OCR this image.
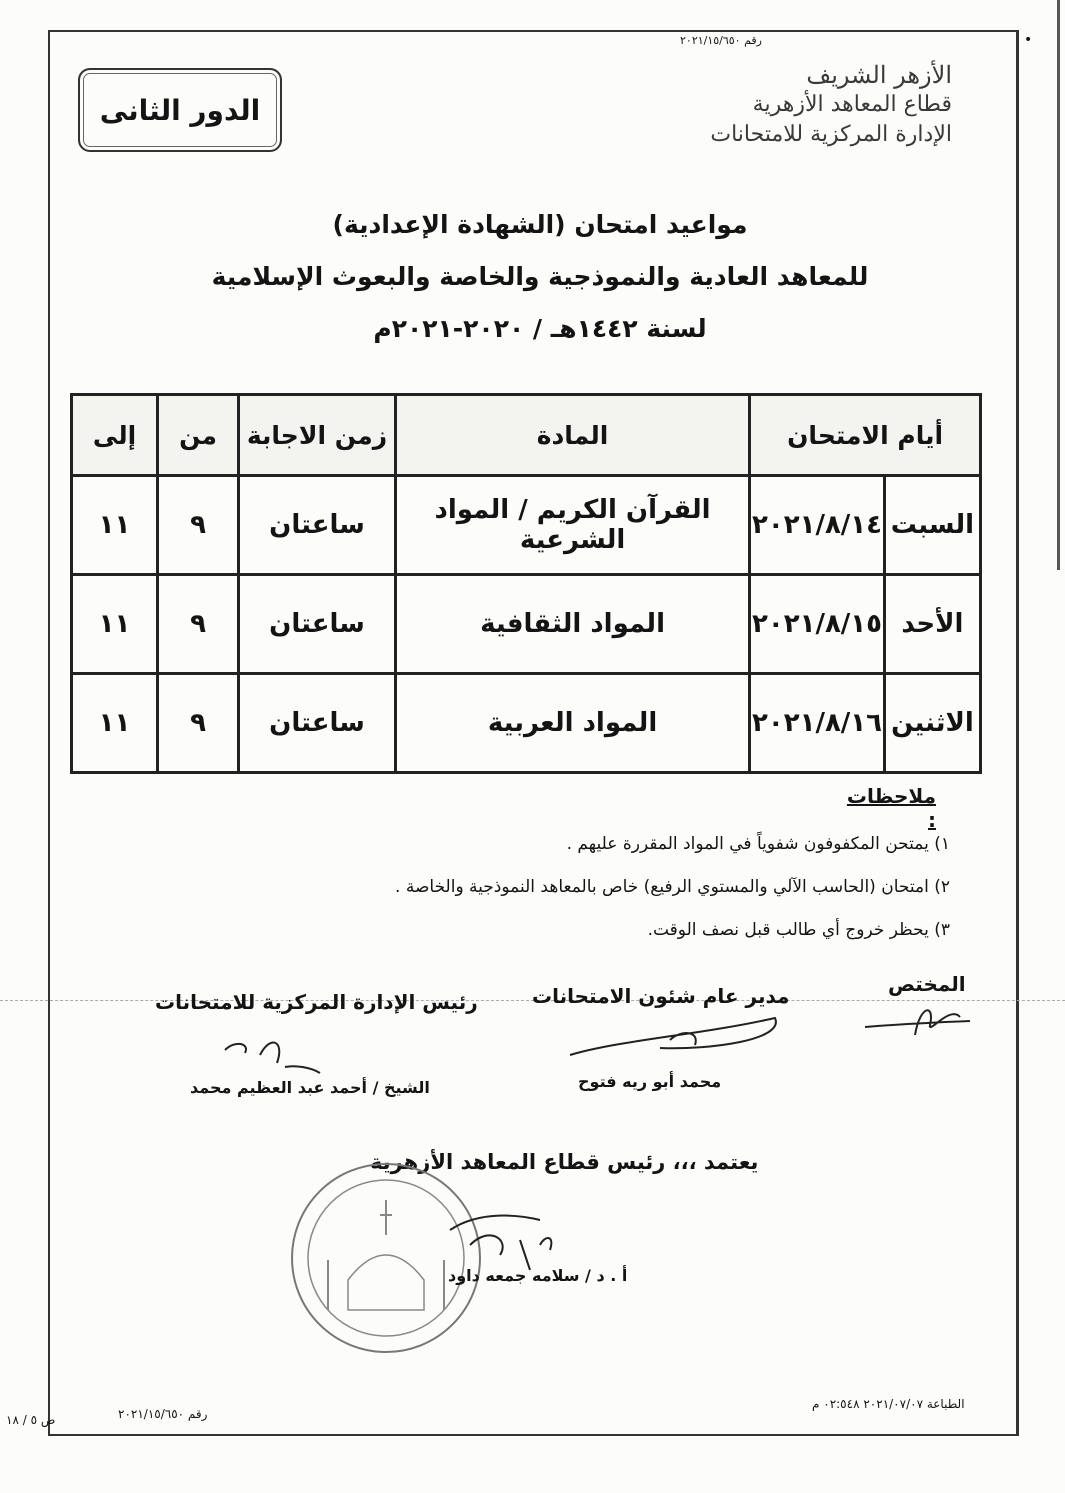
•
رقم ٢٠٢١/١٥/٦٥٠
الأزهر الشريف
قطاع المعاهد الأزهرية
الإدارة المركزية للامتحانات
الدور الثانى
مواعيد امتحان (الشهادة الإعدادية)
للمعاهد العادية والنموذجية والخاصة والبعوث الإسلامية
لسنة ١٤٤٢هـ / ٢٠٢٠-٢٠٢١م
أيام الامتحان		المادة	زمن الاجابة	من	إلى
السبت	٢٠٢١/٨/١٤	القرآن الكريم / المواد الشرعية	ساعتان	٩	١١
الأحد	٢٠٢١/٨/١٥	المواد الثقافية	ساعتان	٩	١١
الاثنين	٢٠٢١/٨/١٦	المواد العربية	ساعتان	٩	١١
ملاحظات :
١) يمتحن المكفوفون شفوياً في المواد المقررة عليهم .
٢) امتحان (الحاسب الآلي والمستوي الرفيع) خاص بالمعاهد النموذجية والخاصة .
٣) يحظر خروج أي طالب قبل نصف الوقت.
المختص
مدير عام شئون الامتحانات
محمد أبو ريه فتوح
رئيس الإدارة المركزية للامتحانات
الشيخ / أحمد عبد العظيم محمد
يعتمد ،،، رئيس قطاع المعاهد الأزهرية
أ . د / سلامه جمعه داود
رقم ٢٠٢١/١٥/٦٥٠
الطباعة ٢٠٢١/٠٧/٠٧ ٠٢:٥٤٨ م
ص ٥ / ١٨
